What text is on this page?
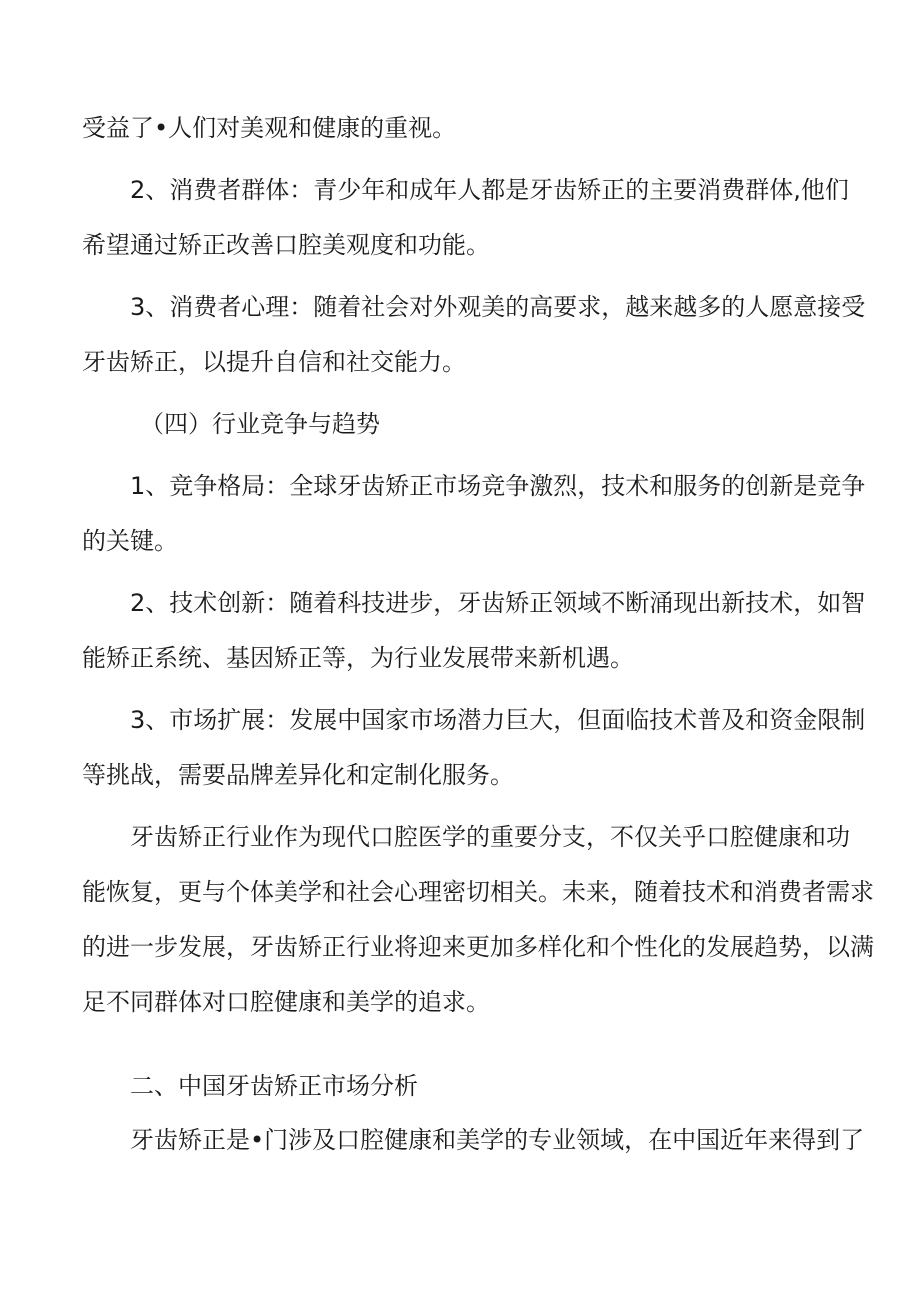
受益了•人们对美观和健康的重视。
2、消费者群体：青少年和成年人都是牙齿矫正的主要消费群体,他们
希望通过矫正改善口腔美观度和功能。
3、消费者心理：随着社会对外观美的高要求，越来越多的人愿意接受
牙齿矫正，以提升自信和社交能力。
（四）行业竞争与趋势
1、竞争格局：全球牙齿矫正市场竞争激烈，技术和服务的创新是竞争
的关键。
2、技术创新：随着科技进步，牙齿矫正领域不断涌现出新技术，如智
能矫正系统、基因矫正等，为行业发展带来新机遇。
3、市场扩展：发展中国家市场潜力巨大，但面临技术普及和资金限制
等挑战，需要品牌差异化和定制化服务。
牙齿矫正行业作为现代口腔医学的重要分支，不仅关乎口腔健康和功
能恢复，更与个体美学和社会心理密切相关。未来，随着技术和消费者需求
的进一步发展，牙齿矫正行业将迎来更加多样化和个性化的发展趋势，以满
足不同群体对口腔健康和美学的追求。
二、中国牙齿矫正市场分析
牙齿矫正是•门涉及口腔健康和美学的专业领域，在中国近年来得到了
